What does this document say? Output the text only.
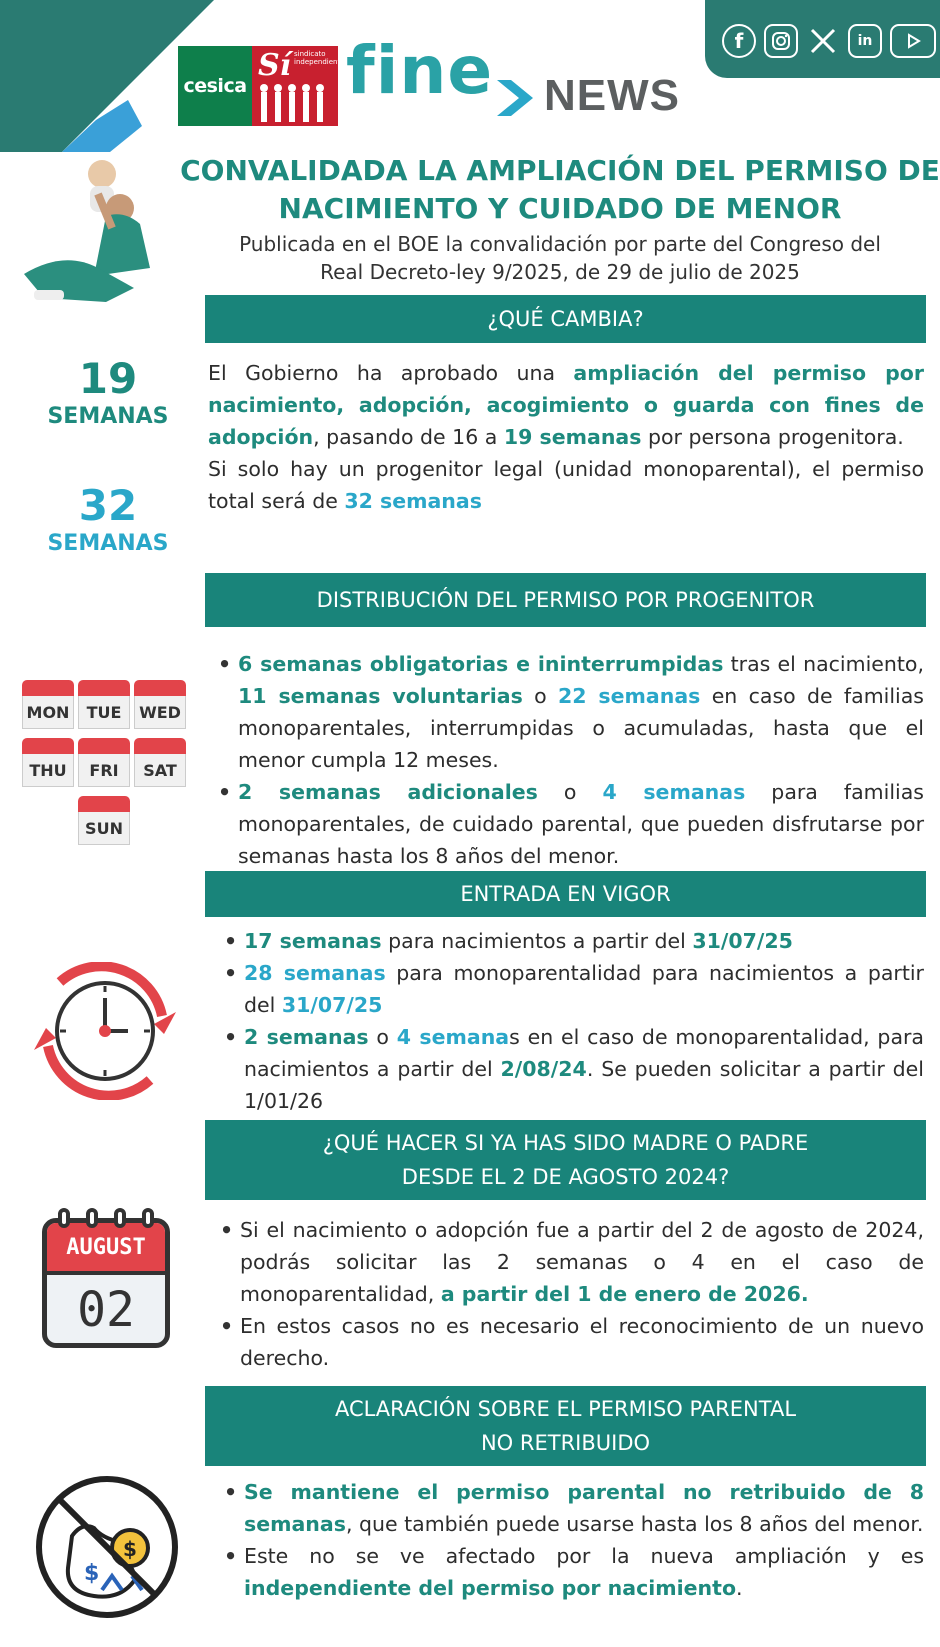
f	in
cesica
Sí sindicato independiente fine NEWS
CONVALIDADA LA AMPLIACIÓN DEL PERMISO DE
NACIMIENTO Y CUIDADO DE MENOR
Publicada en el BOE la convalidación por parte del Congreso del
Real Decreto-ley 9/2025, de 29 de julio de 2025
¿QUÉ CAMBIA?
19
SEMANAS
32
SEMANAS
El Gobierno ha aprobado una ampliación del permiso por nacimiento, adopción, acogimiento o guarda con fines de adopción, pasando de 16 a 19 semanas por persona progenitora.
Si solo hay un progenitor legal (unidad monoparental), el permiso total será de 32 semanas
DISTRIBUCIÓN DEL PERMISO POR PROGENITOR
MON	TUE	WED
THU	FRI	SAT
SUN
• 6 semanas obligatorias e ininterrumpidas tras el nacimiento, 11 semanas voluntarias o 22 semanas en caso de familias monoparentales, interrumpidas o acumuladas, hasta que el menor cumpla 12 meses.
• 2 semanas adicionales o 4 semanas para familias monoparentales, de cuidado parental, que pueden disfrutarse por semanas hasta los 8 años del menor.
ENTRADA EN VIGOR
• 17 semanas para nacimientos a partir del 31/07/25
• 28 semanas para monoparentalidad para nacimientos a partir del 31/07/25
• 2 semanas o 4 semanas en el caso de monoparentalidad, para nacimientos a partir del 2/08/24. Se pueden solicitar a partir del 1/01/26
¿QUÉ HACER SI YA HAS SIDO MADRE O PADRE
DESDE EL 2 DE AGOSTO 2024?
AUGUST
02
• Si el nacimiento o adopción fue a partir del 2 de agosto de 2024, podrás solicitar las 2 semanas o 4 en el caso de monoparentalidad, a partir del 1 de enero de 2026.
• En estos casos no es necesario el reconocimiento de un nuevo derecho.
ACLARACIÓN SOBRE EL PERMISO PARENTAL
NO RETRIBUIDO
$
$
• Se mantiene el permiso parental no retribuido de 8 semanas, que también puede usarse hasta los 8 años del menor.
• Este no se ve afectado por la nueva ampliación y es independiente del permiso por nacimiento.
